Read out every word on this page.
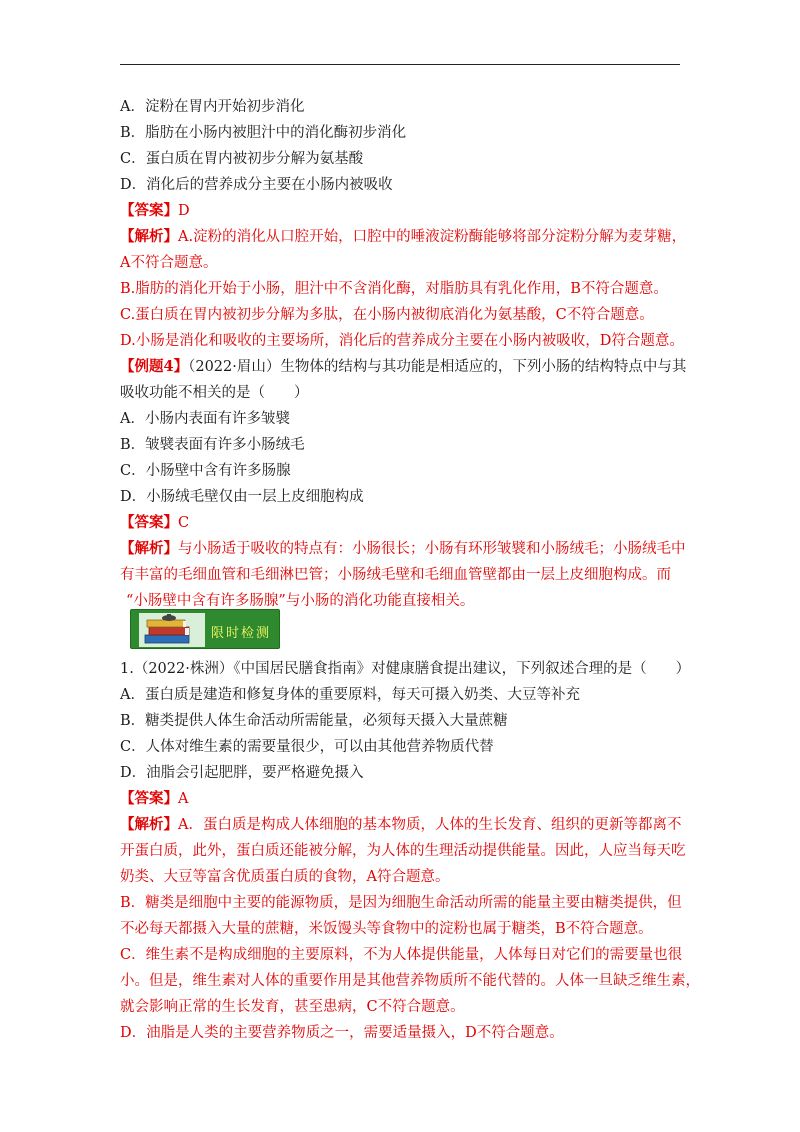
A．淀粉在胃内开始初步消化
B．脂肪在小肠内被胆汁中的消化酶初步消化
C．蛋白质在胃内被初步分解为氨基酸
D．消化后的营养成分主要在小肠内被吸收
【答案】D
【解析】A.淀粉的消化从口腔开始，口腔中的唾液淀粉酶能够将部分淀粉分解为麦芽糖，
A不符合题意。
B.脂肪的消化开始于小肠，胆汁中不含消化酶，对脂肪具有乳化作用，B不符合题意。
C.蛋白质在胃内被初步分解为多肽，在小肠内被彻底消化为氨基酸，C不符合题意。
D.小肠是消化和吸收的主要场所，消化后的营养成分主要在小肠内被吸收，D符合题意。
【例题4】（2022·眉山）生物体的结构与其功能是相适应的，下列小肠的结构特点中与其
吸收功能不相关的是（　　）
A．小肠内表面有许多皱襞
B．皱襞表面有许多小肠绒毛
C．小肠壁中含有许多肠腺
D．小肠绒毛壁仅由一层上皮细胞构成
【答案】C
【解析】与小肠适于吸收的特点有：小肠很长；小肠有环形皱襞和小肠绒毛；小肠绒毛中
有丰富的毛细血管和毛细淋巴管；小肠绒毛壁和毛细血管壁都由一层上皮细胞构成。而
“小肠壁中含有许多肠腺”与小肠的消化功能直接相关。
限时检测
1.（2022·株洲）《中国居民膳食指南》对健康膳食提出建议，下列叙述合理的是（　　）
A．蛋白质是建造和修复身体的重要原料，每天可摄入奶类、大豆等补充
B．糖类提供人体生命活动所需能量，必须每天摄入大量蔗糖
C．人体对维生素的需要量很少，可以由其他营养物质代替
D．油脂会引起肥胖，要严格避免摄入
【答案】A
【解析】A．蛋白质是构成人体细胞的基本物质，人体的生长发育、组织的更新等都离不
开蛋白质，此外，蛋白质还能被分解，为人体的生理活动提供能量。因此，人应当每天吃
奶类、大豆等富含优质蛋白质的食物，A符合题意。
B．糖类是细胞中主要的能源物质，是因为细胞生命活动所需的能量主要由糖类提供，但
不必每天都摄入大量的蔗糖，米饭馒头等食物中的淀粉也属于糖类，B不符合题意。
C．维生素不是构成细胞的主要原料，不为人体提供能量，人体每日对它们的需要量也很
小。但是，维生素对人体的重要作用是其他营养物质所不能代替的。人体一旦缺乏维生素，
就会影响正常的生长发育，甚至患病，C不符合题意。
D．油脂是人类的主要营养物质之一，需要适量摄入，D不符合题意。
